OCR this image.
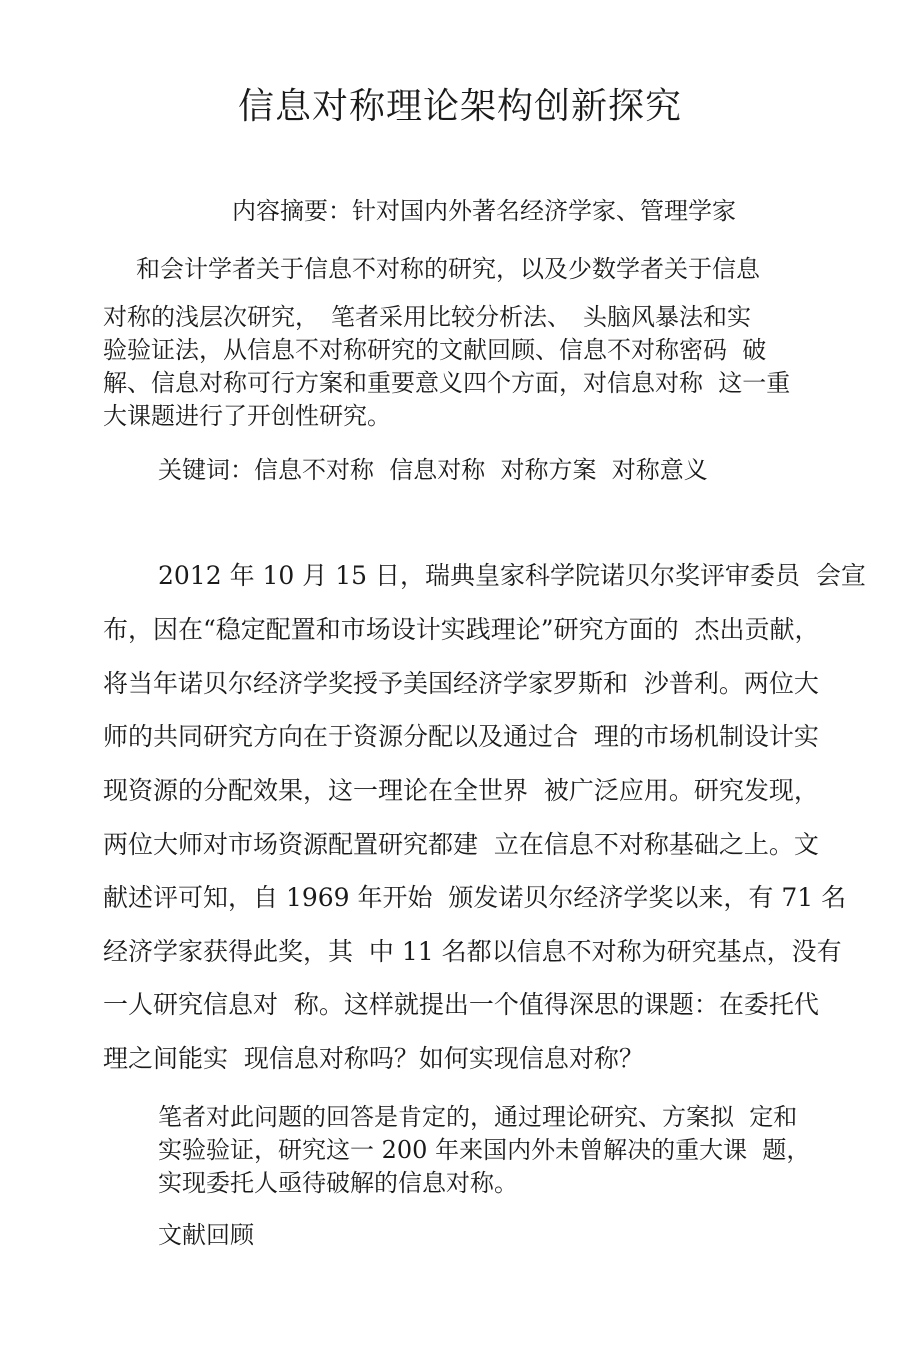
信息对称理论架构创新探究
内容摘要：针对国内外著名经济学家、管理学家
和会计学者关于信息不对称的研究，以及少数学者关于信息
对称的浅层次研究，　笔者采用比较分析法、　头脑风暴法和实
验验证法，从信息不对称研究的文献回顾、信息不对称密码  破
解、信息对称可行方案和重要意义四个方面，对信息对称  这一重
大课题进行了开创性研究。
关键词：信息不对称  信息对称  对称方案  对称意义
2012 年 10 月 15 日，瑞典皇家科学院诺贝尔奖评审委员  会宣
布，因在“稳定配置和市场设计实践理论”研究方面的  杰出贡献，
将当年诺贝尔经济学奖授予美国经济学家罗斯和  沙普利。两位大
师的共同研究方向在于资源分配以及通过合  理的市场机制设计实
现资源的分配效果，这一理论在全世界  被广泛应用。研究发现，
两位大师对市场资源配置研究都建  立在信息不对称基础之上。文
献述评可知，自 1969 年开始  颁发诺贝尔经济学奖以来，有 71 名
经济学家获得此奖，其  中 11 名都以信息不对称为研究基点，没有
一人研究信息对  称。这样就提出一个值得深思的课题：在委托代
理之间能实  现信息对称吗？如何实现信息对称？
笔者对此问题的回答是肯定的，通过理论研究、方案拟  定和
实验验证，研究这一 200 年来国内外未曾解决的重大课  题，
实现委托人亟待破解的信息对称。
文献回顾
